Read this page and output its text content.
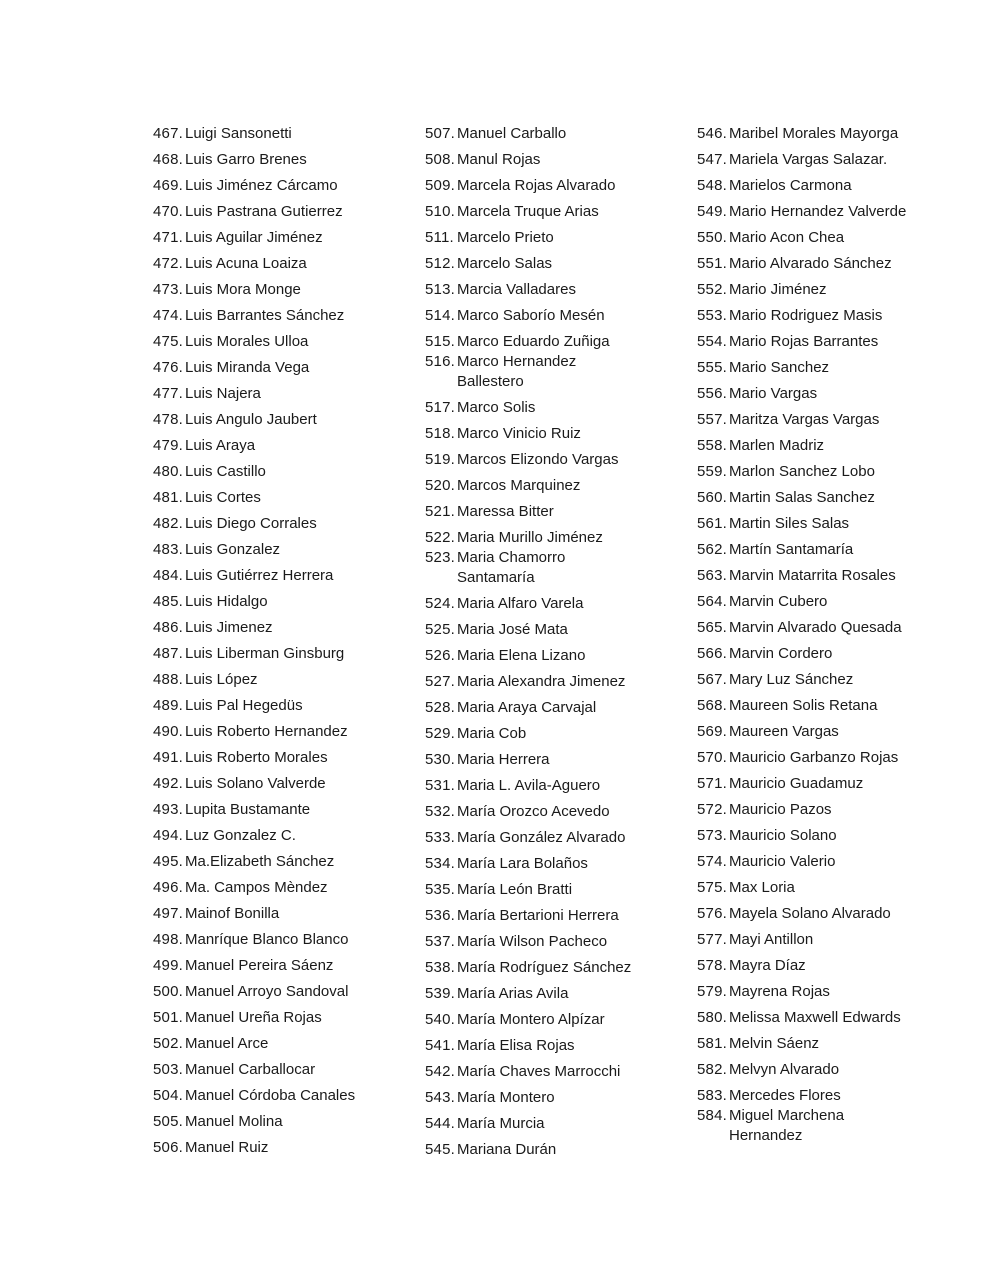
467. Luigi Sansonetti
468. Luis Garro Brenes
469. Luis Jiménez Cárcamo
470. Luis Pastrana Gutierrez
471. Luis Aguilar Jiménez
472. Luis Acuna Loaiza
473. Luis Mora Monge
474. Luis Barrantes Sánchez
475. Luis Morales Ulloa
476. Luis Miranda Vega
477. Luis Najera
478. Luis Angulo Jaubert
479. Luis Araya
480. Luis Castillo
481. Luis Cortes
482. Luis Diego Corrales
483. Luis Gonzalez
484. Luis Gutiérrez Herrera
485. Luis Hidalgo
486. Luis Jimenez
487. Luis Liberman Ginsburg
488. Luis López
489. Luis Pal Hegedüs
490. Luis Roberto Hernandez
491. Luis Roberto Morales
492. Luis Solano Valverde
493. Lupita Bustamante
494. Luz Gonzalez C.
495. Ma.Elizabeth Sánchez
496. Ma. Campos Mèndez
497. Mainof Bonilla
498. Manríque Blanco Blanco
499. Manuel Pereira Sáenz
500. Manuel Arroyo Sandoval
501. Manuel Ureña Rojas
502. Manuel Arce
503. Manuel Carballocar
504. Manuel Córdoba Canales
505. Manuel Molina
506. Manuel Ruiz
507. Manuel Carballo
508. Manul Rojas
509. Marcela Rojas Alvarado
510. Marcela Truque Arias
511. Marcelo Prieto
512. Marcelo Salas
513. Marcia Valladares
514. Marco Saborío Mesén
515. Marco Eduardo Zuñiga
516. Marco Hernandez
Ballestero
517. Marco Solis
518. Marco Vinicio Ruiz
519. Marcos Elizondo Vargas
520. Marcos Marquinez
521. Maressa Bitter
522. Maria Murillo Jiménez
523. Maria Chamorro
Santamaría
524. Maria Alfaro Varela
525. Maria José Mata
526. Maria Elena Lizano
527. Maria Alexandra Jimenez
528. Maria Araya Carvajal
529. Maria Cob
530. Maria Herrera
531. Maria L. Avila-Aguero
532. María Orozco Acevedo
533. María González Alvarado
534. María Lara Bolaños
535. María León Bratti
536. María Bertarioni Herrera
537. María Wilson Pacheco
538. María Rodríguez Sánchez
539. María Arias Avila
540. María Montero Alpízar
541. María Elisa Rojas
542. María Chaves Marrocchi
543. María Montero
544. María Murcia
545. Mariana Durán
546. Maribel Morales Mayorga
547. Mariela Vargas Salazar.
548. Marielos Carmona
549. Mario Hernandez Valverde
550. Mario Acon Chea
551. Mario Alvarado Sánchez
552. Mario Jiménez
553. Mario Rodriguez Masis
554. Mario Rojas Barrantes
555. Mario Sanchez
556. Mario Vargas
557. Maritza Vargas Vargas
558. Marlen Madriz
559. Marlon Sanchez Lobo
560. Martin Salas Sanchez
561. Martin Siles Salas
562. Martín Santamaría
563. Marvin Matarrita Rosales
564. Marvin Cubero
565. Marvin Alvarado Quesada
566. Marvin Cordero
567. Mary Luz Sánchez
568. Maureen Solis Retana
569. Maureen Vargas
570. Mauricio Garbanzo Rojas
571. Mauricio Guadamuz
572. Mauricio Pazos
573. Mauricio Solano
574. Mauricio Valerio
575. Max Loria
576. Mayela Solano Alvarado
577. Mayi Antillon
578. Mayra Díaz
579. Mayrena Rojas
580. Melissa Maxwell Edwards
581. Melvin Sáenz
582. Melvyn Alvarado
583. Mercedes Flores
584. Miguel Marchena
Hernandez
